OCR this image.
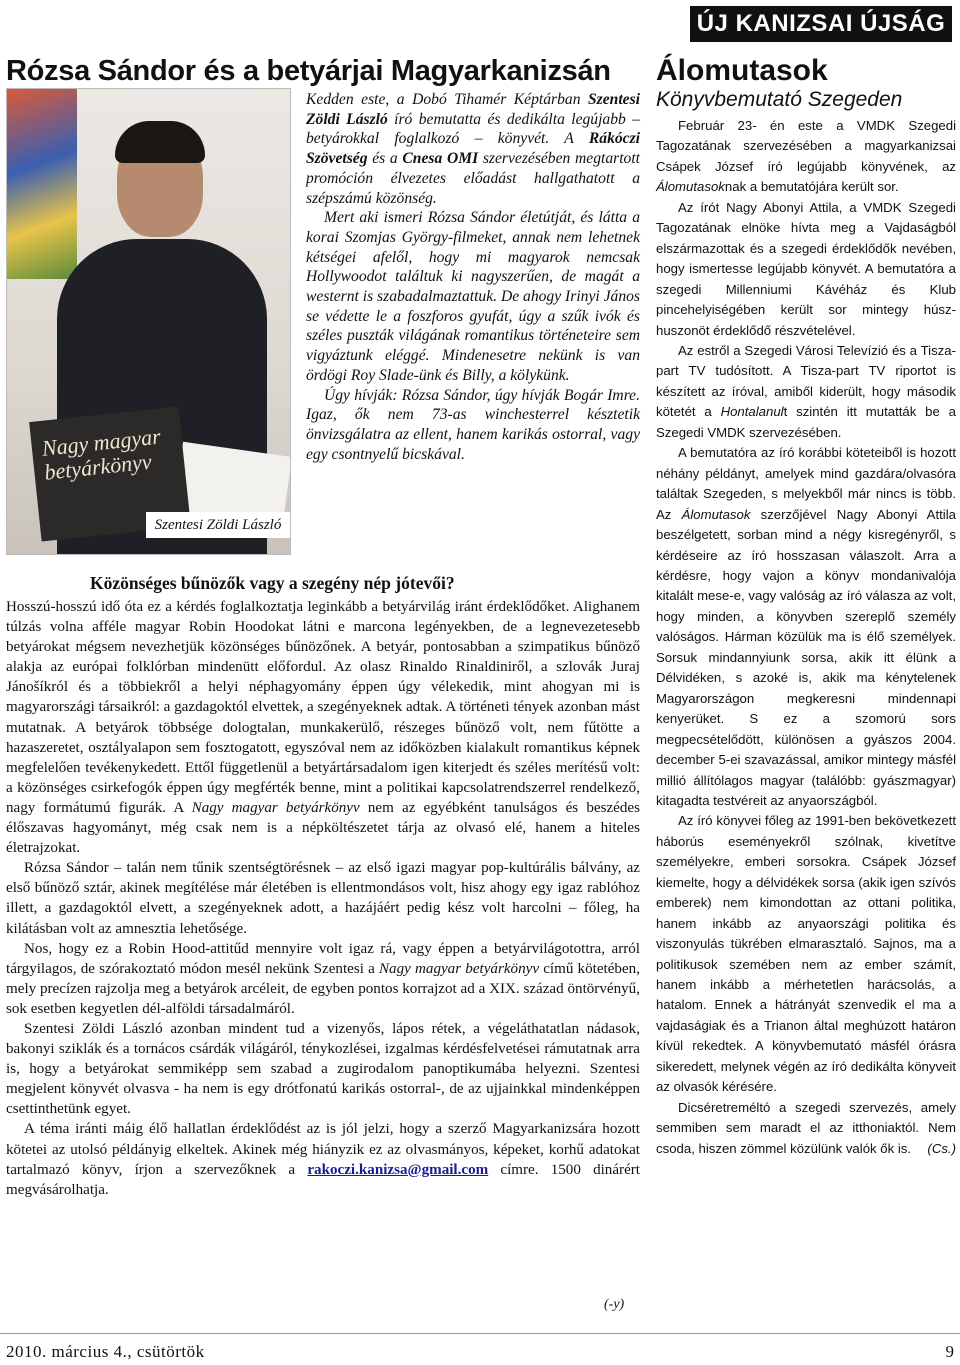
ÚJ KANIZSAI ÚJSÁG
Rózsa Sándor és a betyárjai Magyarkanizsán
Nagy magyar betyárkönyv
Szentesi Zöldi László

Kedden este, a Dobó Tihamér Képtárban Szentesi Zöldi László író bemutatta és dedikálta legújabb – betyárokkal foglalkozó – könyvét. A Rákóczi Szövetség és a Cnesa OMI szervezésében megtartott promóción élvezetes előadást hallgathatott a szépszámú közönség.

Mert aki ismeri Rózsa Sándor életútját, és látta a korai Szomjas György-filmeket, annak nem lehetnek kétségei afelől, hogy mi magyarok nemcsak Hollywoodot találtuk ki nagyszerűen, de magát a westernt is szabadalmaztattuk. De ahogy Irinyi János se védette le a foszforos gyufát, úgy a szűk ivók és széles puszták világának romantikus történeteire sem vigyáztunk eléggé. Mindenesetre nekünk is van ördögi Roy Slade-ünk és Billy, a kölykünk.

Úgy hívják: Rózsa Sándor, úgy hívják Bogár Imre. Igaz, ők nem 73-as winchesterrel késztetik önvizsgálatra az ellent, hanem karikás ostorral, vagy egy csontnyelű bicskával.

Közönséges bűnözők vagy a szegény nép jótevői?

Hosszú-hosszú idő óta ez a kérdés foglalkoztatja leginkább a betyárvilág iránt érdeklődőket. Alighanem túlzás volna afféle magyar Robin Hoodokat látni e marcona legényekben, de a legnevezetesebb betyárokat mégsem nevezhetjük közönséges bűnözőnek. A betyár, pontosabban a szimpatikus bűnöző alakja az európai folklórban mindenütt előfordul. Az olasz Rinaldo Rinaldiniről, a szlovák Juraj Jánošíkról és a többiekről a helyi néphagyomány éppen úgy vélekedik, mint ahogyan mi is magyarországi társaikról: a gazdagoktól elvettek, a szegényeknek adtak. A történeti tények azonban mást mutatnak. A betyárok többsége dologtalan, munkakerülő, részeges bűnöző volt, nem fűtötte a hazaszeretet, osztályalapon sem fosztogatott, egyszóval nem az időközben kialakult romantikus képnek megfelelően tevékenykedett. Ettől függetlenül a betyártársadalom igen kiterjedt és széles merítésű volt: a közönséges csirkefogók éppen úgy megférték benne, mint a politikai kapcsolatrendszerrel rendelkező, nagy formátumú figurák. A Nagy magyar betyárkönyv nem az egyébként tanulságos és beszédes élőszavas hagyományt, még csak nem is a népköltészetet tárja az olvasó elé, hanem a hiteles életrajzokat.

Rózsa Sándor – talán nem tűnik szentségtörésnek – az első igazi magyar pop-kultúrális bálvány, az első bűnöző sztár, akinek megítélése már életében is ellentmondásos volt, hisz ahogy egy igaz rablóhoz illett, a gazdagoktól elvett, a szegényeknek adott, a hazájáért pedig kész volt harcolni – főleg, ha kilátásban volt az amnesztia lehetősége.

Nos, hogy ez a Robin Hood-attitűd mennyire volt igaz rá, vagy éppen a betyárvilágotottra, arról tárgyilagos, de szórakoztató módon mesél nekünk Szentesi a Nagy magyar betyárkönyv című kötetében, mely precízen rajzolja meg a betyárok arcéleit, de egyben pontos korrajzot ad a XIX. század öntörvényű, sok esetben kegyetlen dél-alföldi társadalmáról.

Szentesi Zöldi László azonban mindent tud a vizenyős, lápos rétek, a végeláthatatlan nádasok, bakonyi sziklák és a tornácos csárdák világáról, ténykozlései, izgalmas kérdésfelvetései rámutatnak arra is, hogy a betyárokat semmiképp sem szabad a zugirodalom panoptikumába helyezni. Szentesi megjelent könyvét olvasva - ha nem is egy drótfonatú karikás ostorral-, de az ujjainkkal mindenképpen csettinthetünk egyet.

A téma iránti máig élő hallatlan érdeklődést az is jól jelzi, hogy a szerző Magyarkanizsára hozott kötetei az utolsó példányig elkeltek. Akinek még hiányzik ez az olvasmányos, képeket, korhű adatokat tartalmazó könyv, írjon a szervezőknek a rakoczi.kanizsa@gmail.com címre. 1500 dinárért megvásárolhatja.

(-y)
Álomutasok
Könyvbemutató Szegeden

Február 23- én este a VMDK Szegedi Tagozatának szervezésében a magyarkanizsai Csápek József író legújabb könyvének, az Álomutasoknak a bemutatójára került sor.

Az írót Nagy Abonyi Attila, a VMDK Szegedi Tagozatának elnöke hívta meg a Vajdaságból elszármazottak és a szegedi érdeklődők nevében, hogy ismertesse legújabb könyvét. A bemutatóra a szegedi Millenniumi Kávéház és Klub pincehelyiségében került sor mintegy húsz-huszonöt érdeklődő részvételével.

Az estről a Szegedi Városi Televízió és a Tisza-part TV tudósított. A Tisza-part TV riportot is készített az íróval, amiből kiderült, hogy második kötetét a Hontalanult szintén itt mutatták be a Szegedi VMDK szervezésében.

A bemutatóra az író korábbi köteteiből is hozott néhány példányt, amelyek mind gazdára/olvasóra találtak Szegeden, s melyekből már nincs is több. Az Álomutasok szerzőjével Nagy Abonyi Attila beszélgetett, sorban mind a négy kisregényről, s kérdéseire az író hosszasan válaszolt. Arra a kérdésre, hogy vajon a könyv mondanivalója kitalált mese-e, vagy valóság az író válasza az volt, hogy minden, a könyvben szereplő személy valóságos. Hárman közülük ma is élő személyek. Sorsuk mindannyiunk sorsa, akik itt élünk a Délvidéken, s azoké is, akik ma kénytelenek Magyarországon megkeresni mindennapi kenyerüket. S ez a szomorú sors megpecsételődött, különösen a gyászos 2004. december 5-ei szavazással, amikor mintegy másfél millió állítólagos magyar (találóbb: gyászmagyar) kitagadta testvéreit az anyaországból.

Az író könyvei főleg az 1991-ben bekövetkezett háborús eseményekről szólnak, kivetítve személyekre, emberi sorsokra. Csápek József kiemelte, hogy a délvidékek sorsa (akik igen szívós emberek) nem kimondottan az ottani politika, hanem inkább az anyaországi politika és viszonyulás tükrében elmarasztaló. Sajnos, ma a politikusok szemében nem az ember számít, hanem inkább a mérhetetlen harácsolás, a hatalom. Ennek a hátrányát szenvedik el ma a vajdaságiak és a Trianon által meghúzott határon kívül rekedtek. A könyvbemutató másfél órásra sikeredett, melynek végén az író dedikálta könyveit az olvasók kérésére.

Dicséretreméltó a szegedi szervezés, amely semmiben sem maradt el az itthoniaktól. Nem csoda, hiszen zömmel közülünk valók ők is.	(Cs.)
2010. március 4., csütörtök	9
